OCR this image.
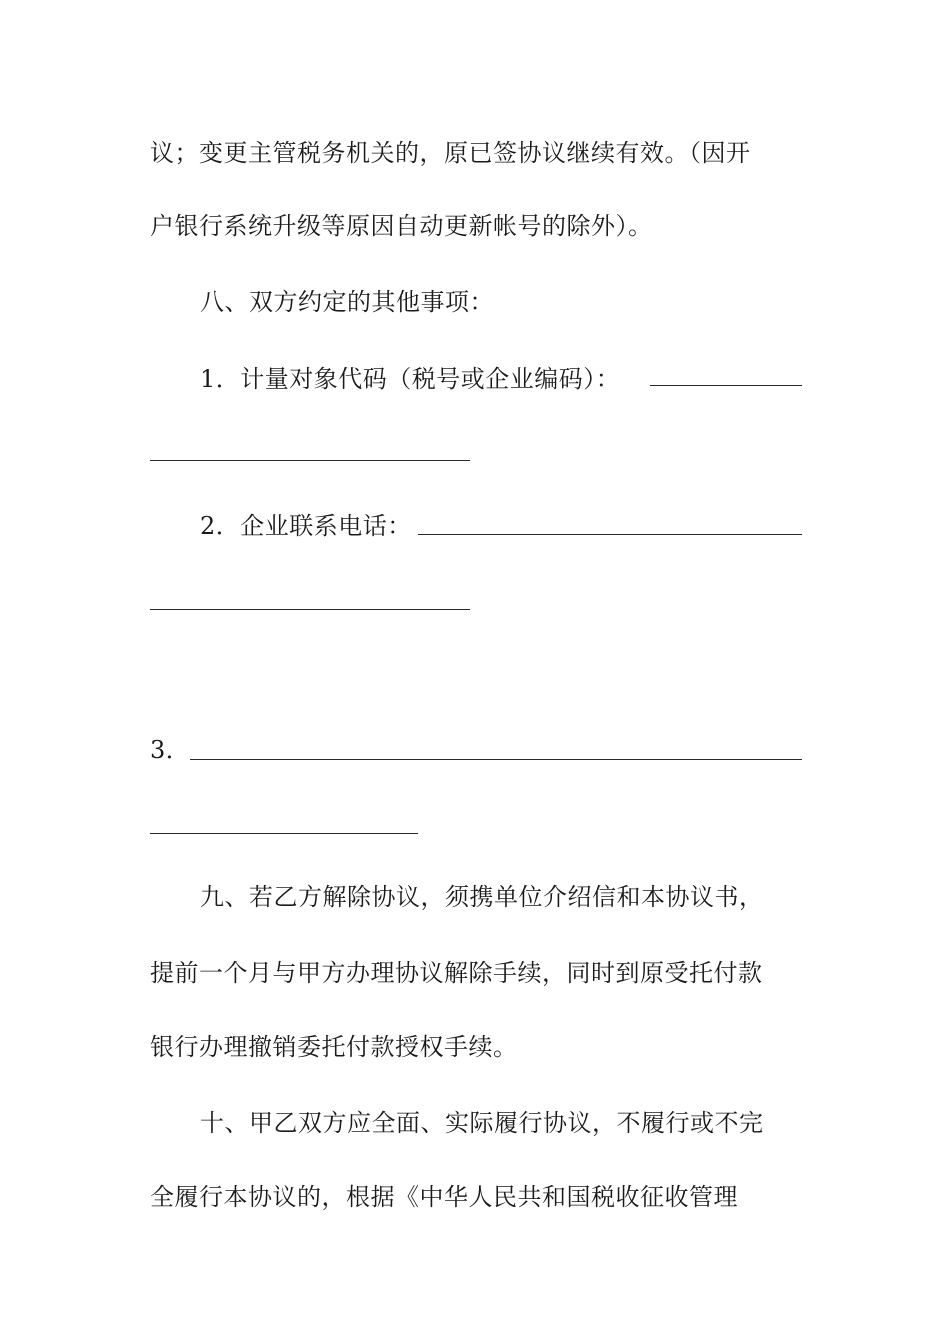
议；变更主管税务机关的，原已签协议继续有效。（因开
户银行系统升级等原因自动更新帐号的除外）。
八、双方约定的其他事项：
1．计量对象代码（税号或企业编码）：
2．企业联系电话：
3．
九、若乙方解除协议，须携单位介绍信和本协议书，
提前一个月与甲方办理协议解除手续，同时到原受托付款
银行办理撤销委托付款授权手续。
十、甲乙双方应全面、实际履行协议，不履行或不完
全履行本协议的，根据《中华人民共和国税收征收管理
